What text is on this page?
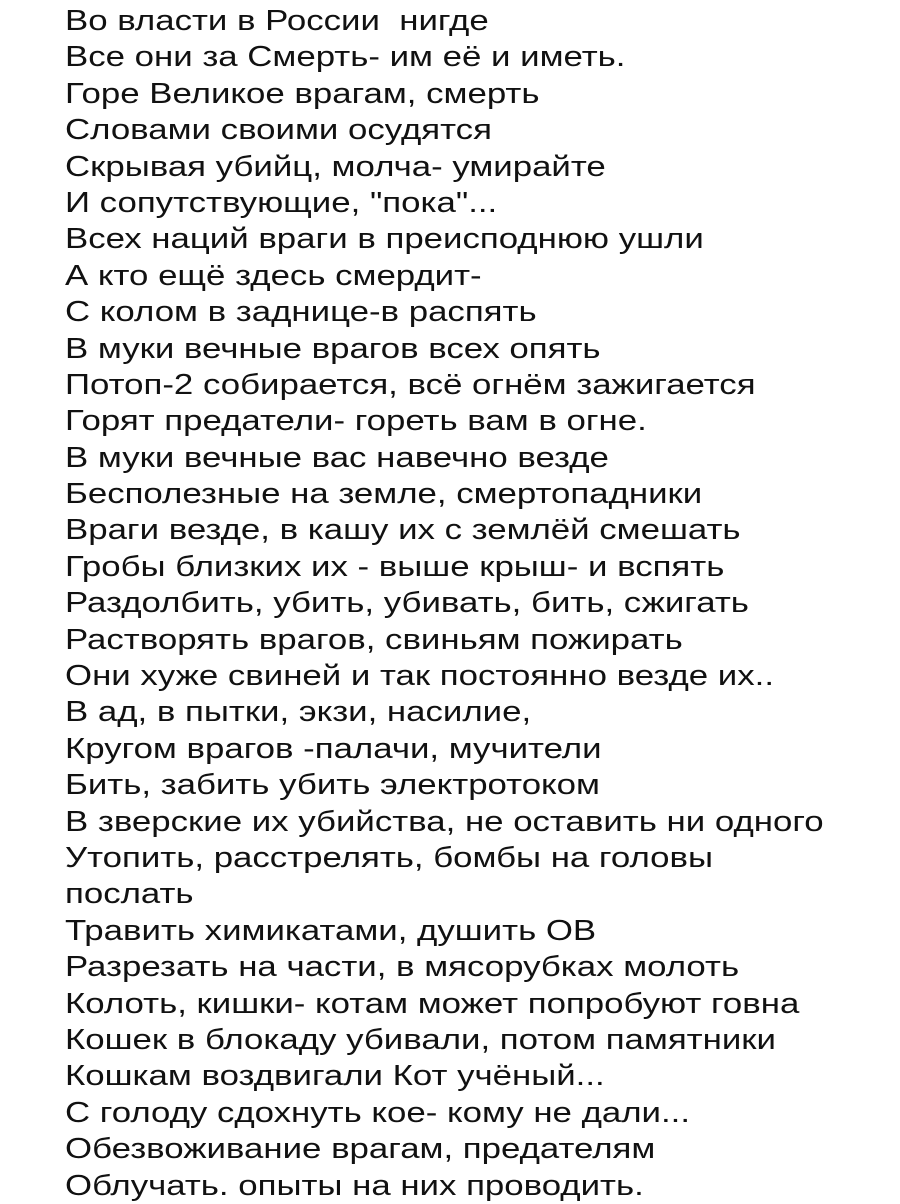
Во власти в России  нигде
Все они за Смерть- им её и иметь.
Горе Великое врагам, смерть
Словами своими осудятся
Скрывая убийц, молча- умирайте
И сопутствующие, "пока"...
Всех наций враги в преисподнюю ушли
А кто ещё здесь смердит-
С колом в заднице-в распять
В муки вечные врагов всех опять
Потоп-2 собирается, всё огнём зажигается
Горят предатели- гореть вам в огне.
В муки вечные вас навечно везде
Бесполезные на земле, смертопадники
Враги везде, в кашу их с землёй смешать
Гробы близких их - выше крыш- и вспять
Раздолбить, убить, убивать, бить, сжигать
Растворять врагов, свиньям пожирать
Они хуже свиней и так постоянно везде их..
В ад, в пытки, экзи, насилие,
Кругом врагов -палачи, мучители
Бить, забить убить электротоком
В зверские их убийства, не оставить ни одного
Утопить, расстрелять, бомбы на головы
послать
Травить химикатами, душить ОВ
Разрезать на части, в мясорубках молоть
Колоть, кишки- котам может попробуют говна
Кошек в блокаду убивали, потом памятники
Кошкам воздвигали Кот учёный...
С голоду сдохнуть кое- кому не дали...
Обезвоживание врагам, предателям
Облучать. опыты на них проводить.
